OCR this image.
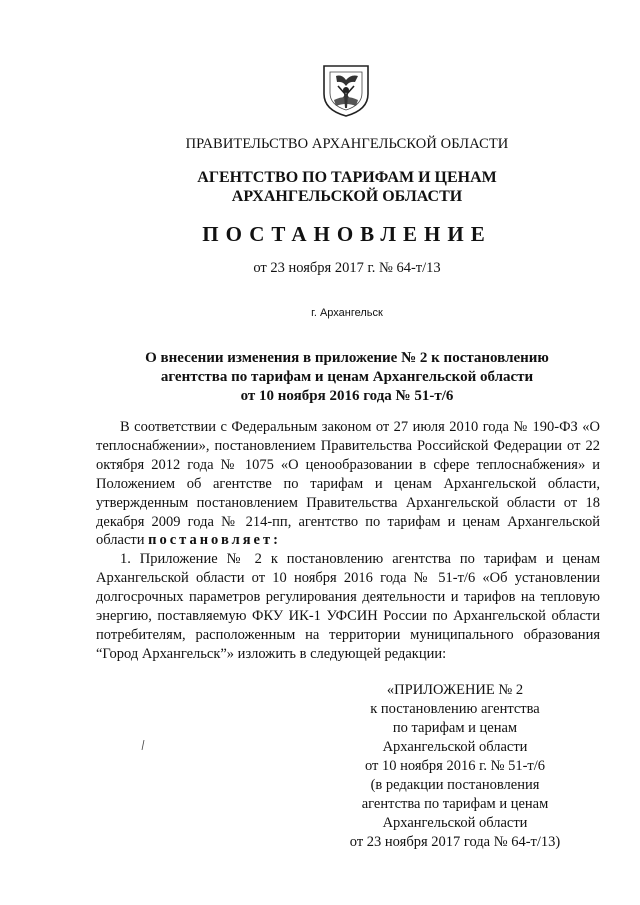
ПРАВИТЕЛЬСТВО АРХАНГЕЛЬСКОЙ ОБЛАСТИ
АГЕНТСТВО ПО ТАРИФАМ И ЦЕНАМ
АРХАНГЕЛЬСКОЙ ОБЛАСТИ
ПОСТАНОВЛЕНИЕ
от 23 ноября 2017 г. № 64-т/13
г. Архангельск
О внесении изменения в приложение № 2 к постановлению
агентства по тарифам и ценам Архангельской области
от 10 ноября 2016 года № 51-т/6

В соответствии с Федеральным законом от 27 июля 2010 года № 190-ФЗ «О теплоснабжении», постановлением Правительства Российской Федерации от 22 октября 2012 года № 1075 «О ценообразовании в сфере теплоснабжения» и Положением об агентстве по тарифам и ценам Архангельской области, утвержденным постановлением Правительства Архангельской области от 18 декабря 2009 года № 214-пп, агентство по тарифам и ценам Архангельской области постановляет:

1. Приложение № 2 к постановлению агентства по тарифам и ценам Архангельской области от 10 ноября 2016 года № 51-т/6 «Об установлении долгосрочных параметров регулирования деятельности и тарифов на тепловую энергию, поставляемую ФКУ ИК-1 УФСИН России по Архангельской области потребителям, расположенным на территории муниципального образования “Город Архангельск”» изложить в следующей редакции:

«ПРИЛОЖЕНИЕ № 2
к постановлению агентства
по тарифам и ценам
Архангельской области
от 10 ноября 2016 г. № 51-т/6
(в редакции постановления
агентства по тарифам и ценам
Архангельской области
от 23 ноября 2017 года № 64-т/13)
